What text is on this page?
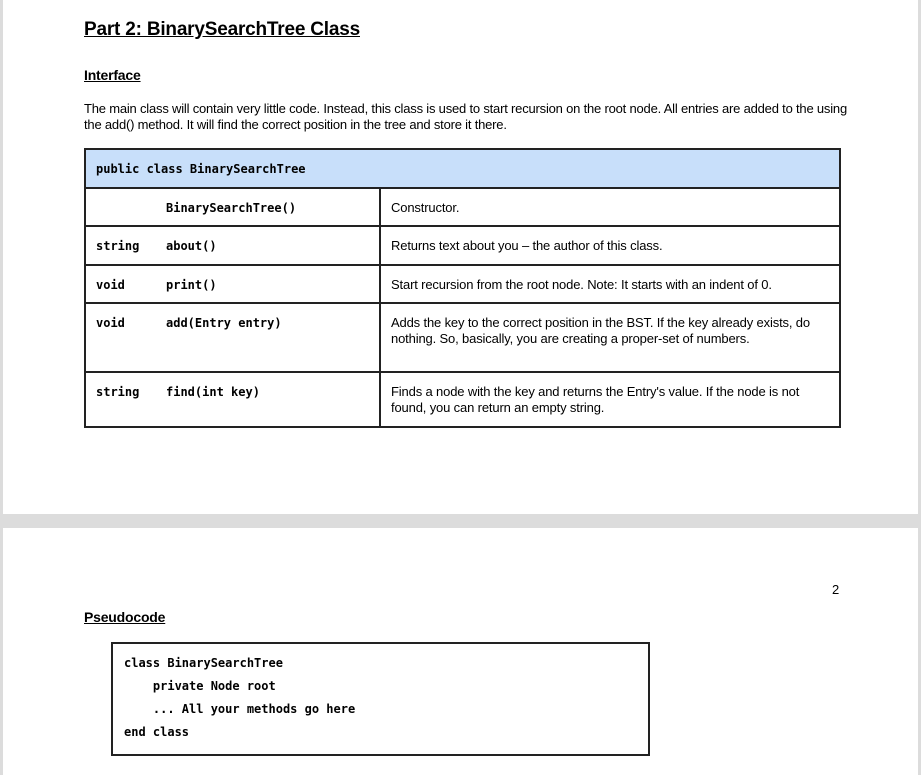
Part 2: BinarySearchTree Class
Interface

The main class will contain very little code. Instead, this class is used to start recursion on the root node. All entries are added to the using the add() method. It will find the correct position in the tree and store it there.

public class BinarySearchTree		
	BinarySearchTree()	Constructor.
string	about()	Returns text about you – the author of this class.
void	print()	Start recursion from the root node. Note: It starts with an indent of 0.
void	add(Entry entry)	Adds the key to the correct position in the BST. If the key already exists, do nothing. So, basically, you are creating a proper-set of numbers.
string	find(int key)	Finds a node with the key and returns the Entry's value. If the node is not found, you can return an empty string.

2

Pseudocode
class BinarySearchTree
private Node root
... All your methods go here
end class
